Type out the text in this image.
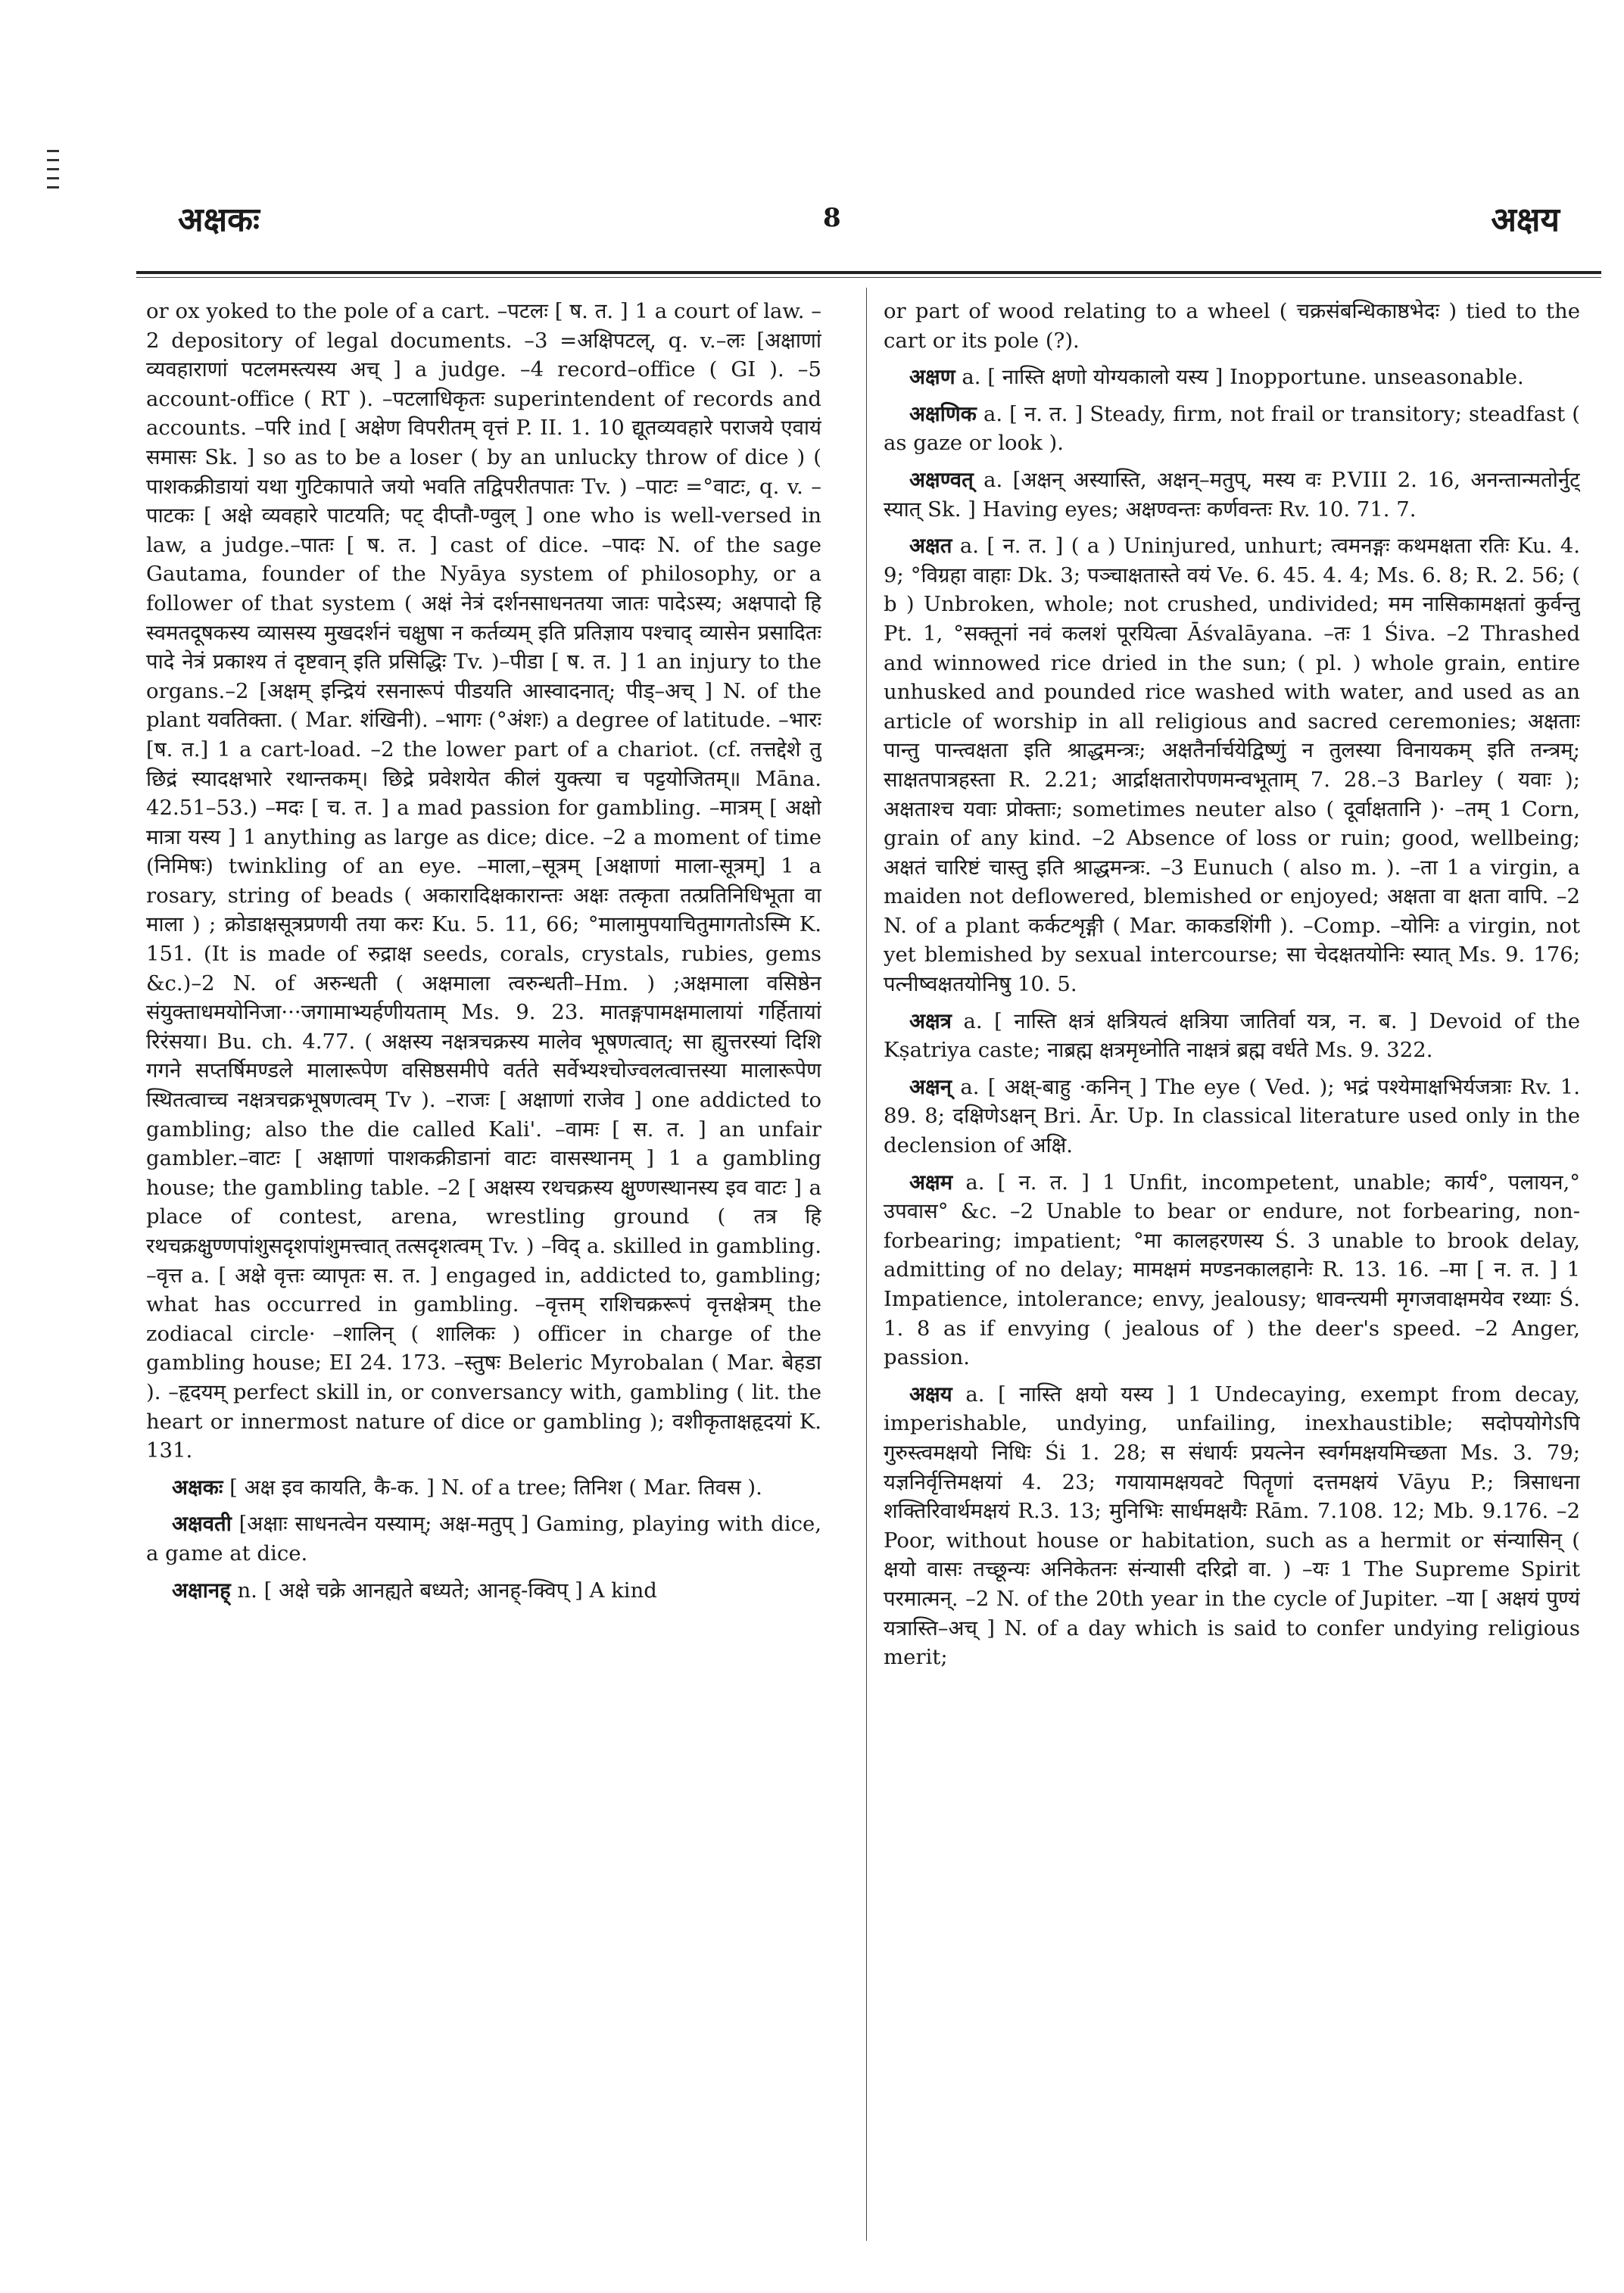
अक्षकः	8	अक्षय

or ox yoked to the pole of a cart. –पटलः [ ष. त. ] 1 a court of law. –2 depository of legal documents. –3 =अक्षिपटल्, q. v.–लः [अक्षाणां व्यवहाराणां पटलमस्त्यस्य अच् ] a judge. –4 record–office ( GI ). –5 account-office ( RT ). –पटलाधिकृतः superintendent of records and accounts. –परि ind [ अक्षेण विपरीतम् वृत्तं P. II. 1. 10 द्यूतव्यवहारे पराजये एवायं समासः Sk. ] so as to be a loser ( by an unlucky throw of dice ) ( पाशकक्रीडायां यथा गुटिकापाते जयो भवति तद्विपरीतपातः Tv. ) –पाटः =°वाटः, q. v. –पाटकः [ अक्षे व्यवहारे पाटयति; पट् दीप्तौ-ण्वुल् ] one who is well-versed in law, a judge.–पातः [ ष. त. ] cast of dice. –पादः N. of the sage Gautama, founder of the Nyāya system of philosophy, or a follower of that system ( अक्षं नेत्रं दर्शनसाधनतया जातः पादेऽस्य; अक्षपादो हि स्वमतदूषकस्य व्यासस्य मुखदर्शनं चक्षुषा न कर्तव्यम् इति प्रतिज्ञाय पश्चाद् व्यासेन प्रसादितः पादे नेत्रं प्रकाश्य तं दृष्टवान् इति प्रसिद्धिः Tv. )–पीडा [ ष. त. ] 1 an injury to the organs.–2 [अक्षम् इन्द्रियं रसनारूपं पीडयति आस्वादनात्; पीड्–अच् ] N. of the plant यवतिक्ता. ( Mar. शंखिनी). –भागः (°अंशः) a degree of latitude. –भारः [ष. त.] 1 a cart-load. –2 the lower part of a chariot. (cf. तत्तद्देशे तु छिद्रं स्यादक्षभारे रथान्तकम्। छिद्रे प्रवेशयेत कीलं युक्त्या च पट्टयोजितम्॥ Māna. 42.51–53.) –मदः [ च. त. ] a mad passion for gambling. –मात्रम् [ अक्षो मात्रा यस्य ] 1 anything as large as dice; dice. –2 a moment of time (निमिषः) twinkling of an eye. –माला,–सूत्रम् [अक्षाणां माला-सूत्रम्] 1 a rosary, string of beads ( अकारादिक्षकारान्तः अक्षः तत्कृता तत्प्रतिनिधिभूता वा माला ) ; क्रोडाक्षसूत्रप्रणयी तया करः Ku. 5. 11, 66; °मालामुपयाचितुमागतोऽस्मि K. 151. (It is made of रुद्राक्ष seeds, corals, crystals, rubies, gems &c.)–2 N. of अरुन्धती ( अक्षमाला त्वरुन्धती–Hm. ) ;अक्षमाला वसिष्ठेन संयुक्ताधमयोनिजा···जगामाभ्यर्हणीयताम् Ms. 9. 23. मातङ्गपामक्षमालायां गर्हितायां रिरंसया। Bu. ch. 4.77. ( अक्षस्य नक्षत्रचक्रस्य मालेव भूषणत्वात्; सा ह्युत्तरस्यां दिशि गगने सप्तर्षिमण्डले मालारूपेण वसिष्ठसमीपे वर्तते सर्वेभ्यश्चोज्वलत्वात्तस्या मालारूपेण स्थितत्वाच्च नक्षत्रचक्रभूषणत्वम् Tv ). –राजः [ अक्षाणां राजेव ] one addicted to gambling; also the die called Kali'. –वामः [ स. त. ] an unfair gambler.–वाटः [ अक्षाणां पाशकक्रीडानां वाटः वासस्थानम् ] 1 a gambling house; the gambling table. –2 [ अक्षस्य रथचक्रस्य क्षुण्णस्थानस्य इव वाटः ] a place of contest, arena, wrestling ground ( तत्र हि रथचक्रक्षुण्णपांशुसदृशपांशुमत्त्वात् तत्सदृशत्वम् Tv. ) –विद् a. skilled in gambling. –वृत्त a. [ अक्षे वृत्तः व्यापृतः स. त. ] engaged in, addicted to, gambling; what has occurred in gambling. –वृत्तम् राशिचक्ररूपं वृत्तक्षेत्रम् the zodiacal circle· –शालिन् ( शालिकः ) officer in charge of the gambling house; EI 24. 173. –स्तुषः Beleric Myrobalan ( Mar. बेहडा ). –हृदयम् perfect skill in, or conversancy with, gambling ( lit. the heart or innermost nature of dice or gambling ); वशीकृताक्षहृदयां K. 131.

अक्षकः [ अक्ष इव कायति, कै-क. ] N. of a tree; तिनिश ( Mar. तिवस ).

अक्षवती [अक्षाः साधनत्वेन यस्याम्; अक्ष-मतुप् ] Gaming, playing with dice, a game at dice.

अक्षानह् n. [ अक्षे चक्रे आनह्यते बध्यते; आनह्-क्विप् ] A kind

or part of wood relating to a wheel ( चक्रसंबन्धिकाष्ठभेदः ) tied to the cart or its pole (?).

अक्षण a. [ नास्ति क्षणो योग्यकालो यस्य ] Inopportune. unseasonable.

अक्षणिक a. [ न. त. ] Steady, firm, not frail or transitory; steadfast ( as gaze or look ).

अक्षण्वत् a. [अक्षन् अस्यास्ति, अक्षन्–मतुप्, मस्य वः P.VIII 2. 16, अनन्तान्मतोर्नुट् स्यात् Sk. ] Having eyes; अक्षण्वन्तः कर्णवन्तः Rv. 10. 71. 7.

अक्षत a. [ न. त. ] ( a ) Uninjured, unhurt; त्वमनङ्गः कथमक्षता रतिः Ku. 4. 9; °विग्रहा वाहाः Dk. 3; पञ्चाक्षतास्ते वयं Ve. 6. 45. 4. 4; Ms. 6. 8; R. 2. 56; ( b ) Unbroken, whole; not crushed, undivided; मम नासिकामक्षतां कुर्वन्तु Pt. 1, °सक्तूनां नवं कलशं पूरयित्वा Āśvalāyana. –तः 1 Śiva. –2 Thrashed and winnowed rice dried in the sun; ( pl. ) whole grain, entire unhusked and pounded rice washed with water, and used as an article of worship in all religious and sacred ceremonies; अक्षताः पान्तु पान्त्वक्षता इति श्राद्धमन्त्रः; अक्षतैर्नार्चयेद्विष्णुं न तुलस्या विनायकम् इति तन्त्रम्; साक्षतपात्रहस्ता R. 2.21; आर्द्राक्षतारोपणमन्वभूताम् 7. 28.–3 Barley ( यवाः ); अक्षताश्च यवाः प्रोक्ताः; sometimes neuter also ( दूर्वाक्षतानि )· –तम् 1 Corn, grain of any kind. –2 Absence of loss or ruin; good, wellbeing; अक्षतं चारिष्टं चास्तु इति श्राद्धमन्त्रः. –3 Eunuch ( also m. ). –ता 1 a virgin, a maiden not deflowered, blemished or enjoyed; अक्षता वा क्षता वापि. –2 N. of a plant कर्कटशृङ्गी ( Mar. काकडशिंगी ). –Comp. –योनिः a virgin, not yet blemished by sexual intercourse; सा चेदक्षतयोनिः स्यात् Ms. 9. 176; पत्नीष्वक्षतयोनिषु 10. 5.

अक्षत्र a. [ नास्ति क्षत्रं क्षत्रियत्वं क्षत्रिया जातिर्वा यत्र, न. ब. ] Devoid of the Kṣatriya caste; नाब्रह्म क्षत्रमृध्नोति नाक्षत्रं ब्रह्म वर्धते Ms. 9. 322.

अक्षन् a. [ अक्ष्-बाहु ·कनिन् ] The eye ( Ved. ); भद्रं पश्येमाक्षभिर्यजत्राः Rv. 1. 89. 8; दक्षिणेऽक्षन् Bri. Ār. Up. In classical literature used only in the declension of अक्षि.

अक्षम a. [ न. त. ] 1 Unfit, incompetent, unable; कार्य°, पलायन,° उपवास° &c. –2 Unable to bear or endure, not forbearing, non-forbearing; impatient; °मा कालहरणस्य Ś. 3 unable to brook delay, admitting of no delay; मामक्षमं मण्डनकालहानेः R. 13. 16. –मा [ न. त. ] 1 Impatience, intolerance; envy, jealousy; धावन्त्यमी मृगजवाक्षमयेव रथ्याः Ś. 1. 8 as if envying ( jealous of ) the deer's speed. –2 Anger, passion.

अक्षय a. [ नास्ति क्षयो यस्य ] 1 Undecaying, exempt from decay, imperishable, undying, unfailing, inexhaustible; सदोपयोगेऽपि गुरुस्त्वमक्षयो निधिः Śi 1. 28; स संधार्यः प्रयत्नेन स्वर्गमक्षयमिच्छता Ms. 3. 79; यज्ञनिर्वृत्तिमक्षयां 4. 23; गयायामक्षयवटे पितॄणां दत्तमक्षयं Vāyu P.; त्रिसाधना शक्तिरिवार्थमक्षयं R.3. 13; मुनिभिः सार्धमक्षयैः Rām. 7.108. 12; Mb. 9.176. –2 Poor, without house or habitation, such as a hermit or संन्यासिन् ( क्षयो वासः तच्छून्यः अनिकेतनः संन्यासी दरिद्रो वा. ) –यः 1 The Supreme Spirit परमात्मन्. –2 N. of the 20th year in the cycle of Jupiter. –या [ अक्षयं पुण्यं यत्रास्ति–अच् ] N. of a day which is said to confer undying religious merit;
